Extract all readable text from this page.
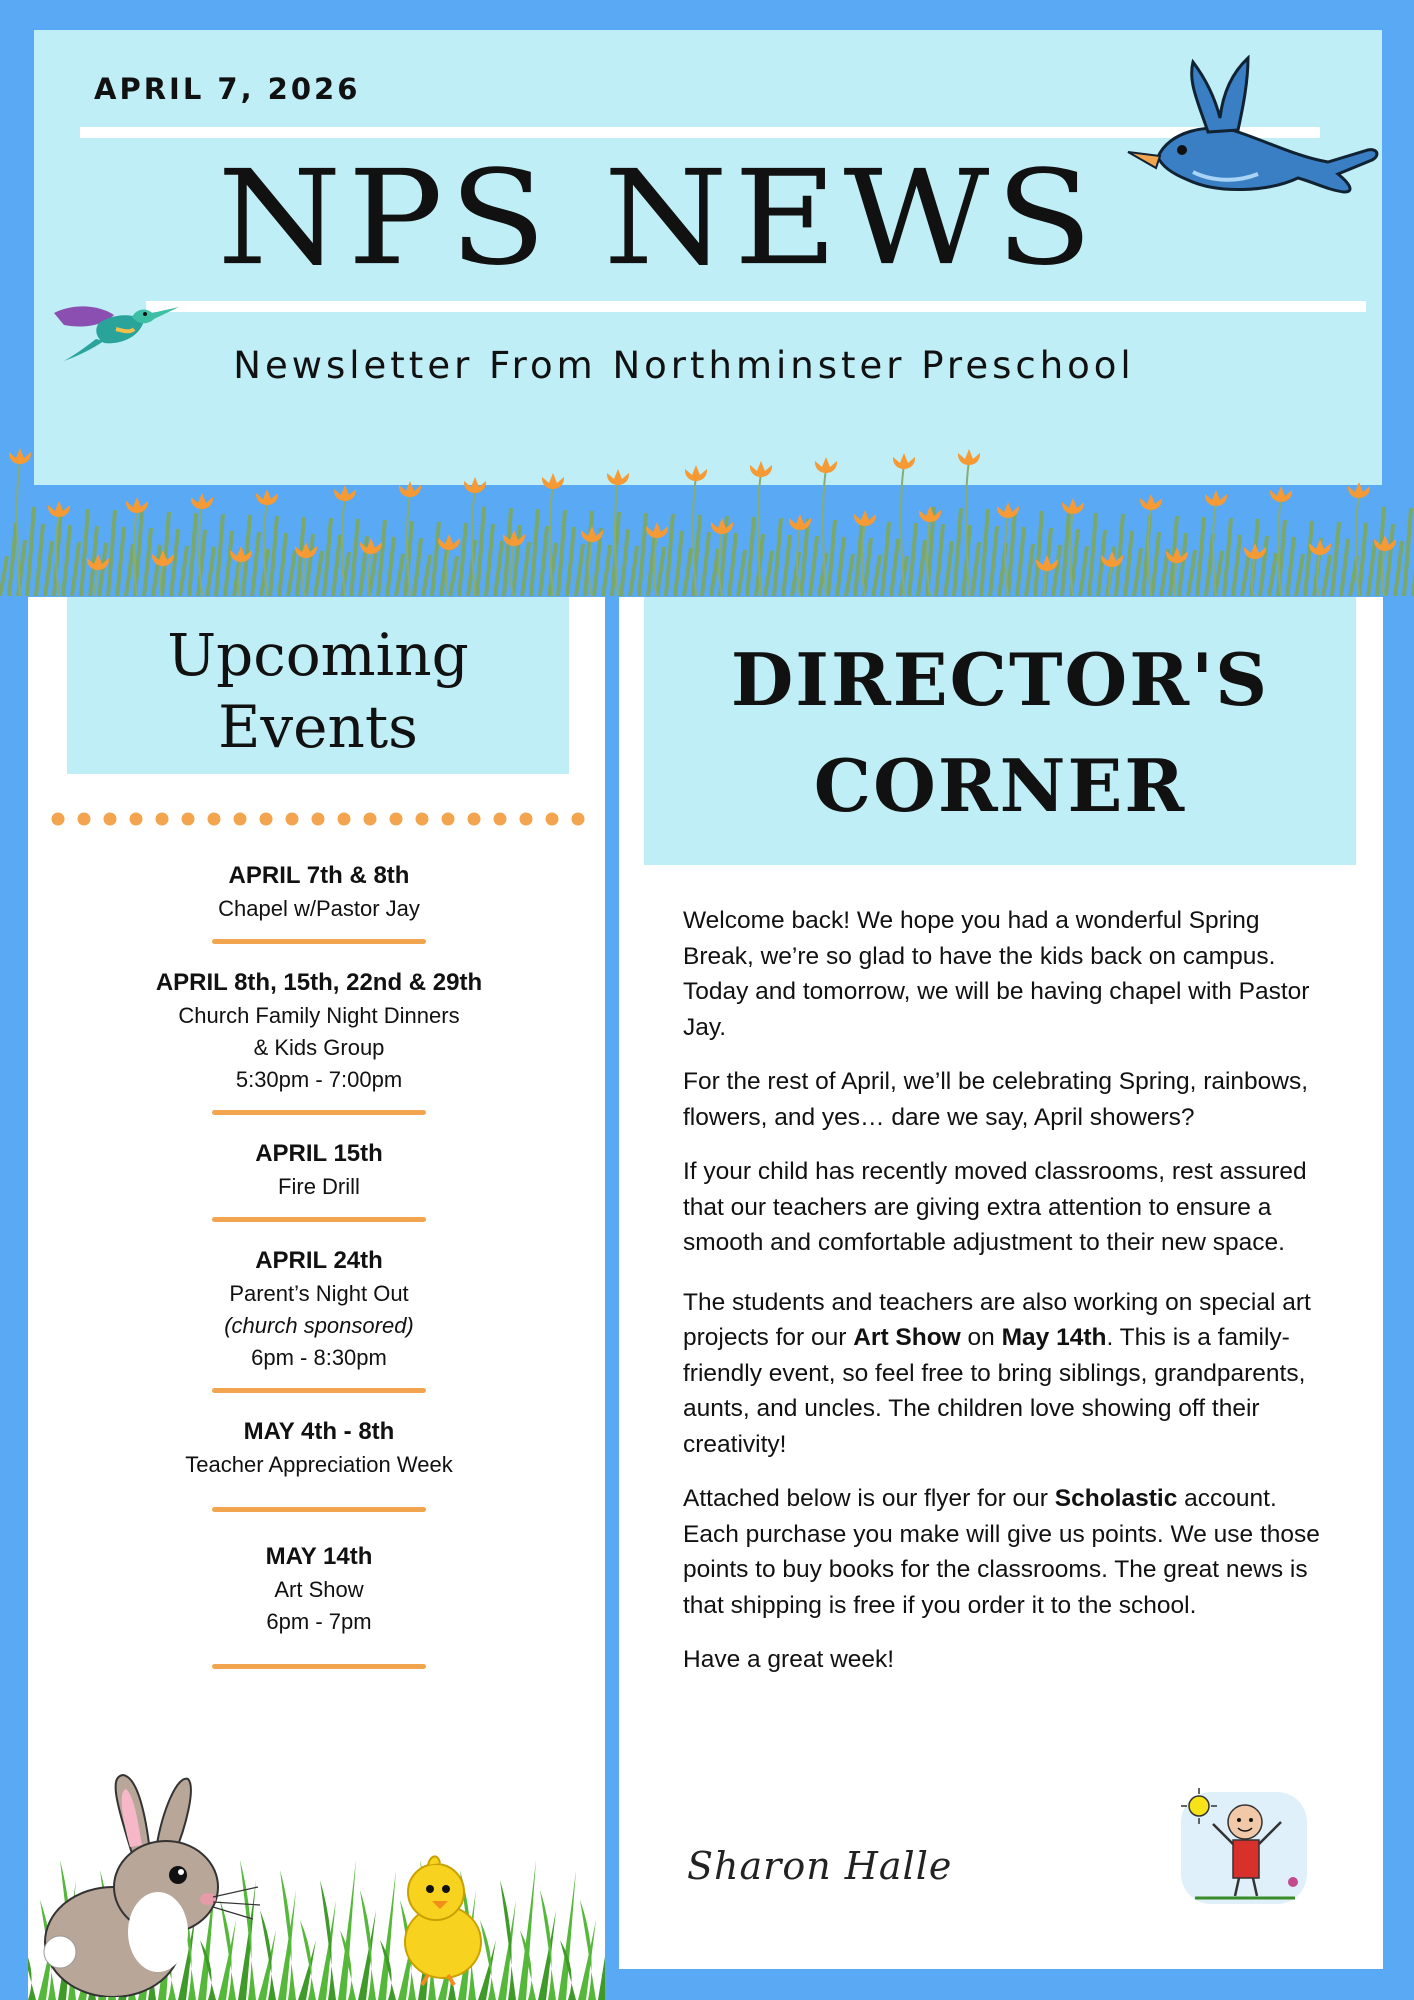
APRIL 7, 2026
NPS NEWS
Newsletter From Northminster Preschool
Upcoming
Events
APRIL 7th & 8th
Chapel w/Pastor Jay
APRIL 8th, 15th, 22nd & 29th
Church Family Night Dinners
& Kids Group
5:30pm - 7:00pm
APRIL 15th
Fire Drill
APRIL 24th
Parent’s Night Out
(church sponsored)
6pm - 8:30pm
MAY 4th - 8th
Teacher Appreciation Week
MAY 14th
Art Show
6pm - 7pm
DIRECTOR'S
CORNER

Welcome back! We hope you had a wonderful Spring Break, we’re so glad to have the kids back on campus. Today and tomorrow, we will be having chapel with Pastor Jay.

For the rest of April, we’ll be celebrating Spring, rainbows, flowers, and yes… dare we say, April showers?

If your child has recently moved classrooms, rest assured that our teachers are giving extra attention to ensure a smooth and comfortable adjustment to their new space.

The students and teachers are also working on special art projects for our Art Show on May 14th. This is a family-friendly event, so feel free to bring siblings, grandparents, aunts, and uncles. The children love showing off their creativity!

Attached below is our flyer for our Scholastic account. Each purchase you make will give us points. We use those points to buy books for the classrooms. The great news is that shipping is free if you order it to the school.

Have a great week!

Sharon Halle
